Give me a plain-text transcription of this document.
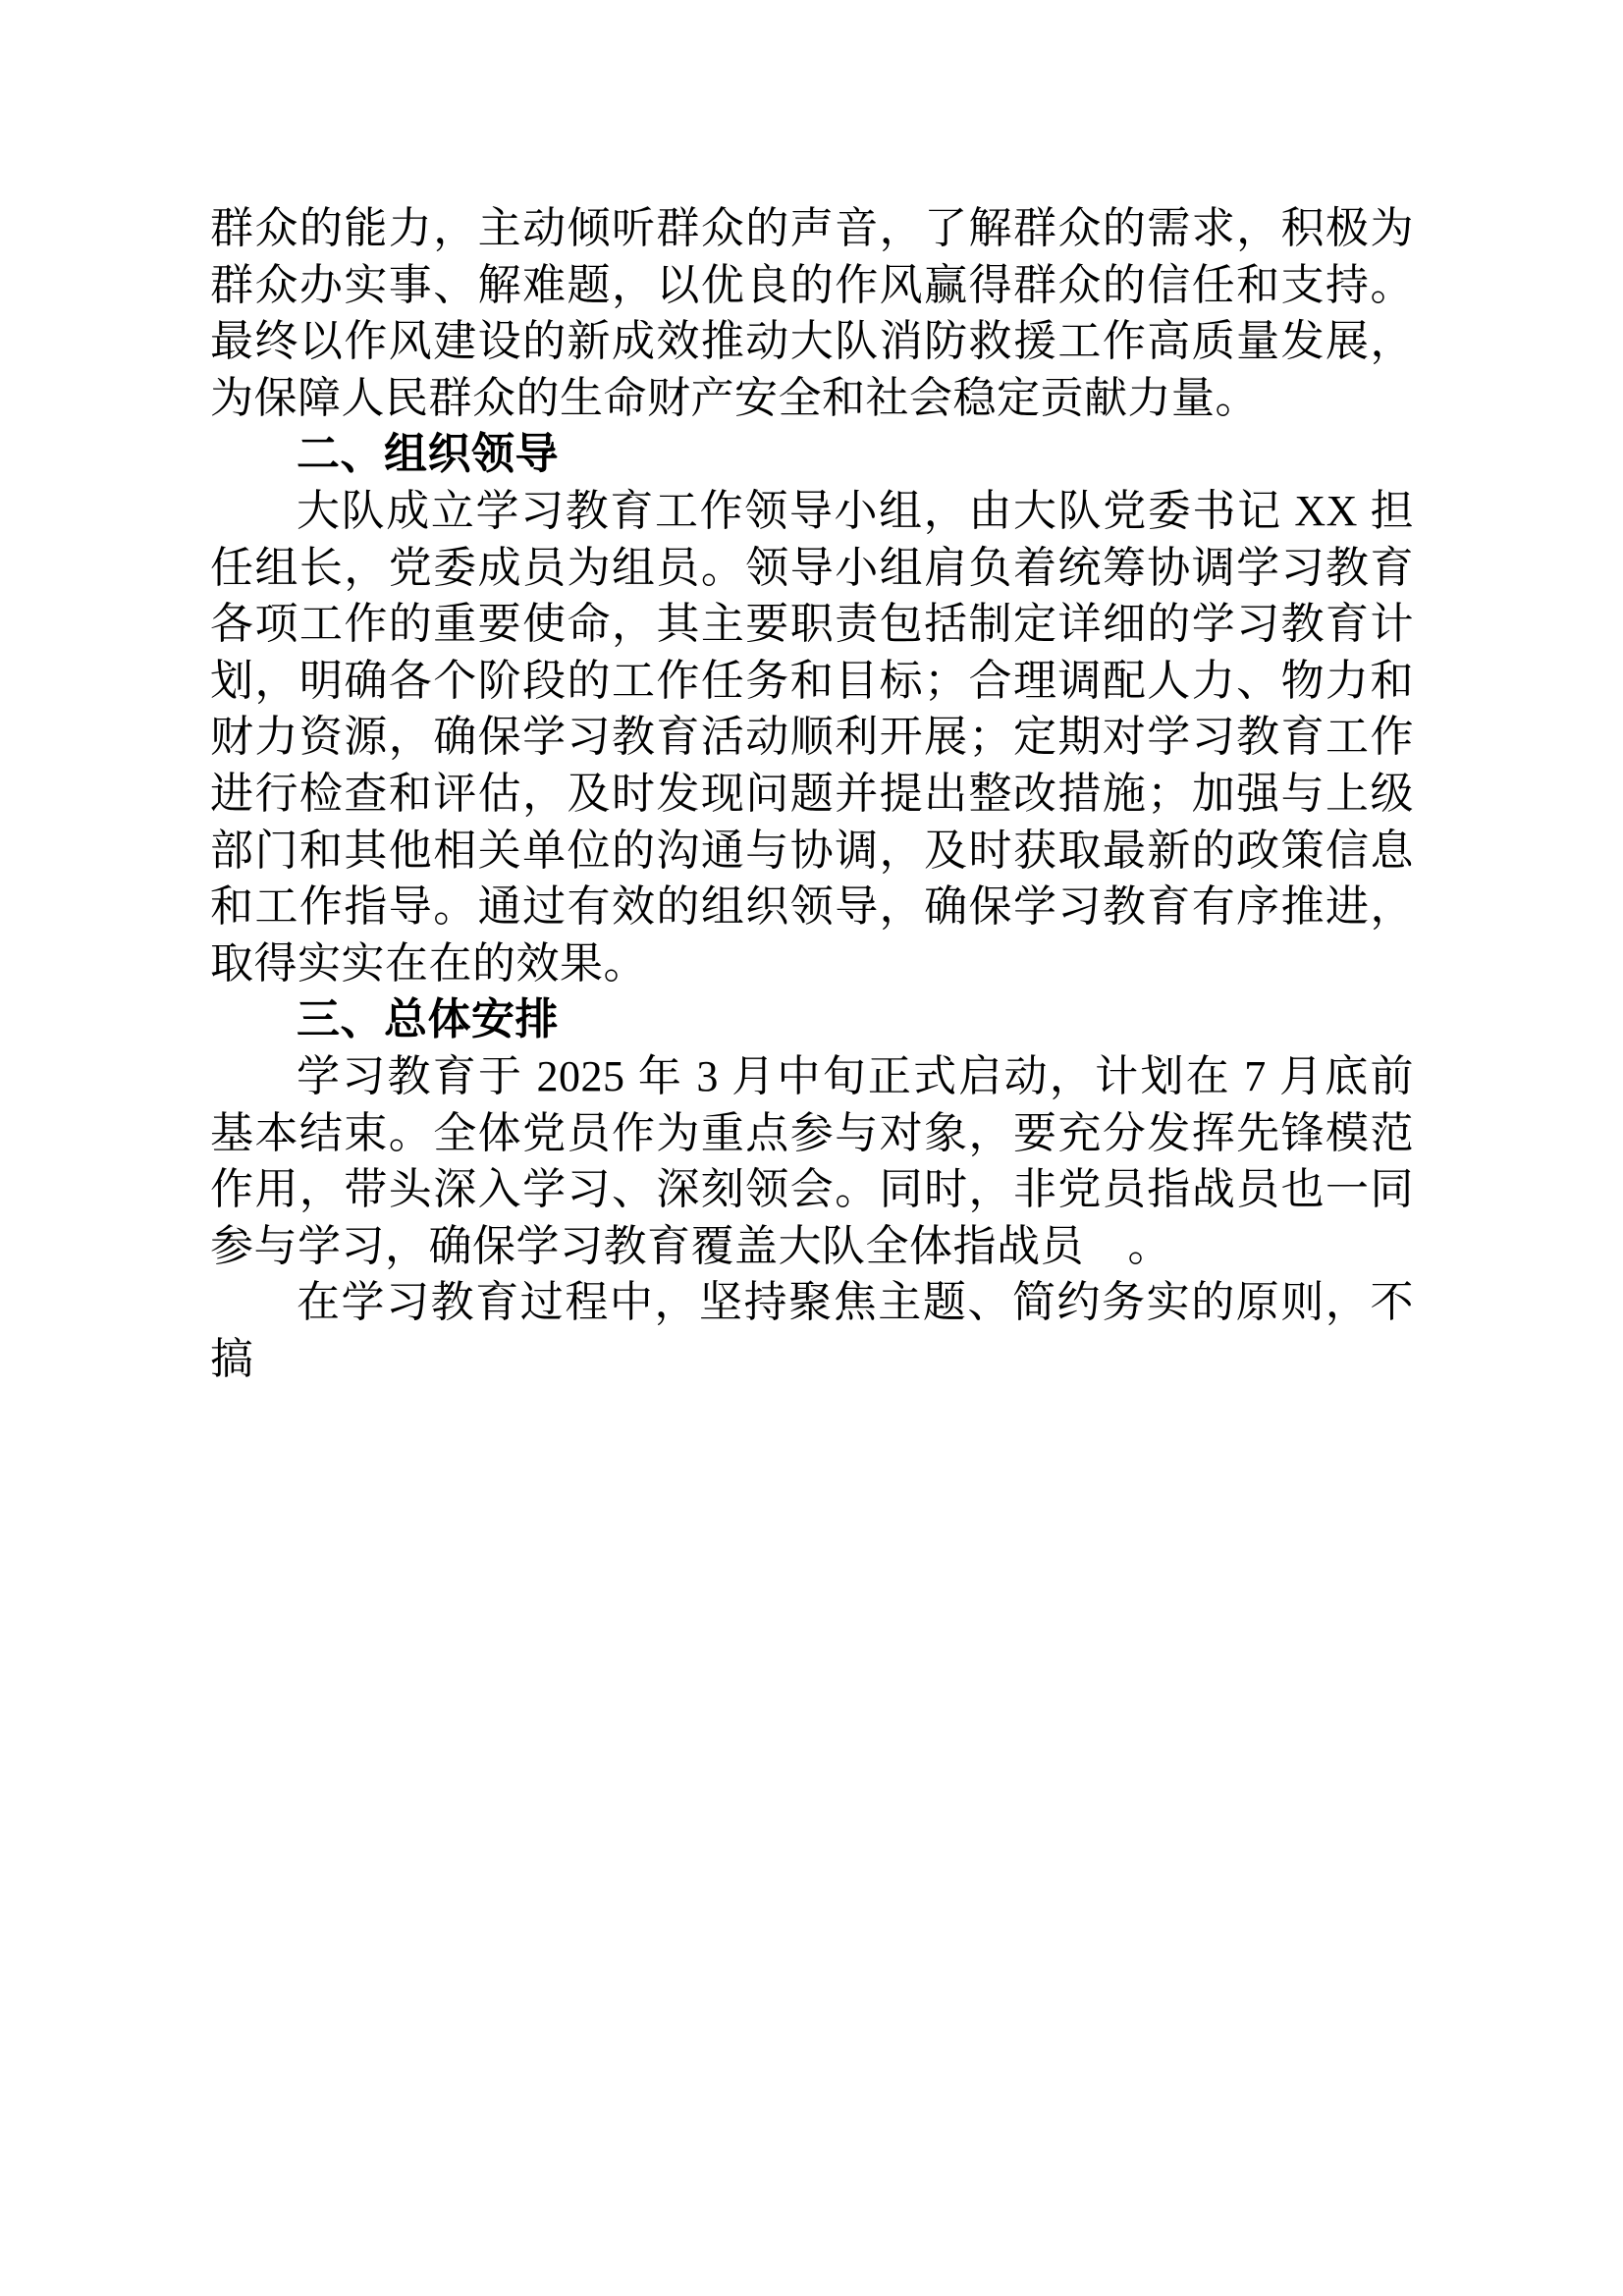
群众的能力，主动倾听群众的声音，了解群众的需求，积极为群众办实事、解难题，以优良的作风赢得群众的信任和支持。最终以作风建设的新成效推动大队消防救援工作高质量发展，为保障人民群众的生命财产安全和社会稳定贡献力量。

二、组织领导

大队成立学习教育工作领导小组，由大队党委书记 XX 担任组长，党委成员为组员。领导小组肩负着统筹协调学习教育各项工作的重要使命，其主要职责包括制定详细的学习教育计划，明确各个阶段的工作任务和目标；合理调配人力、物力和财力资源，确保学习教育活动顺利开展；定期对学习教育工作进行检查和评估，及时发现问题并提出整改措施；加强与上级部门和其他相关单位的沟通与协调，及时获取最新的政策信息和工作指导。通过有效的组织领导，确保学习教育有序推进，取得实实在在的效果。

三、总体安排

学习教育于 2025 年 3 月中旬正式启动，计划在 7 月底前基本结束。全体党员作为重点参与对象，要充分发挥先锋模范作用，带头深入学习、深刻领会。同时，非党员指战员也一同参与学习，确保学习教育覆盖大队全体指战员　。

在学习教育过程中，坚持聚焦主题、简约务实的原则，不搞
